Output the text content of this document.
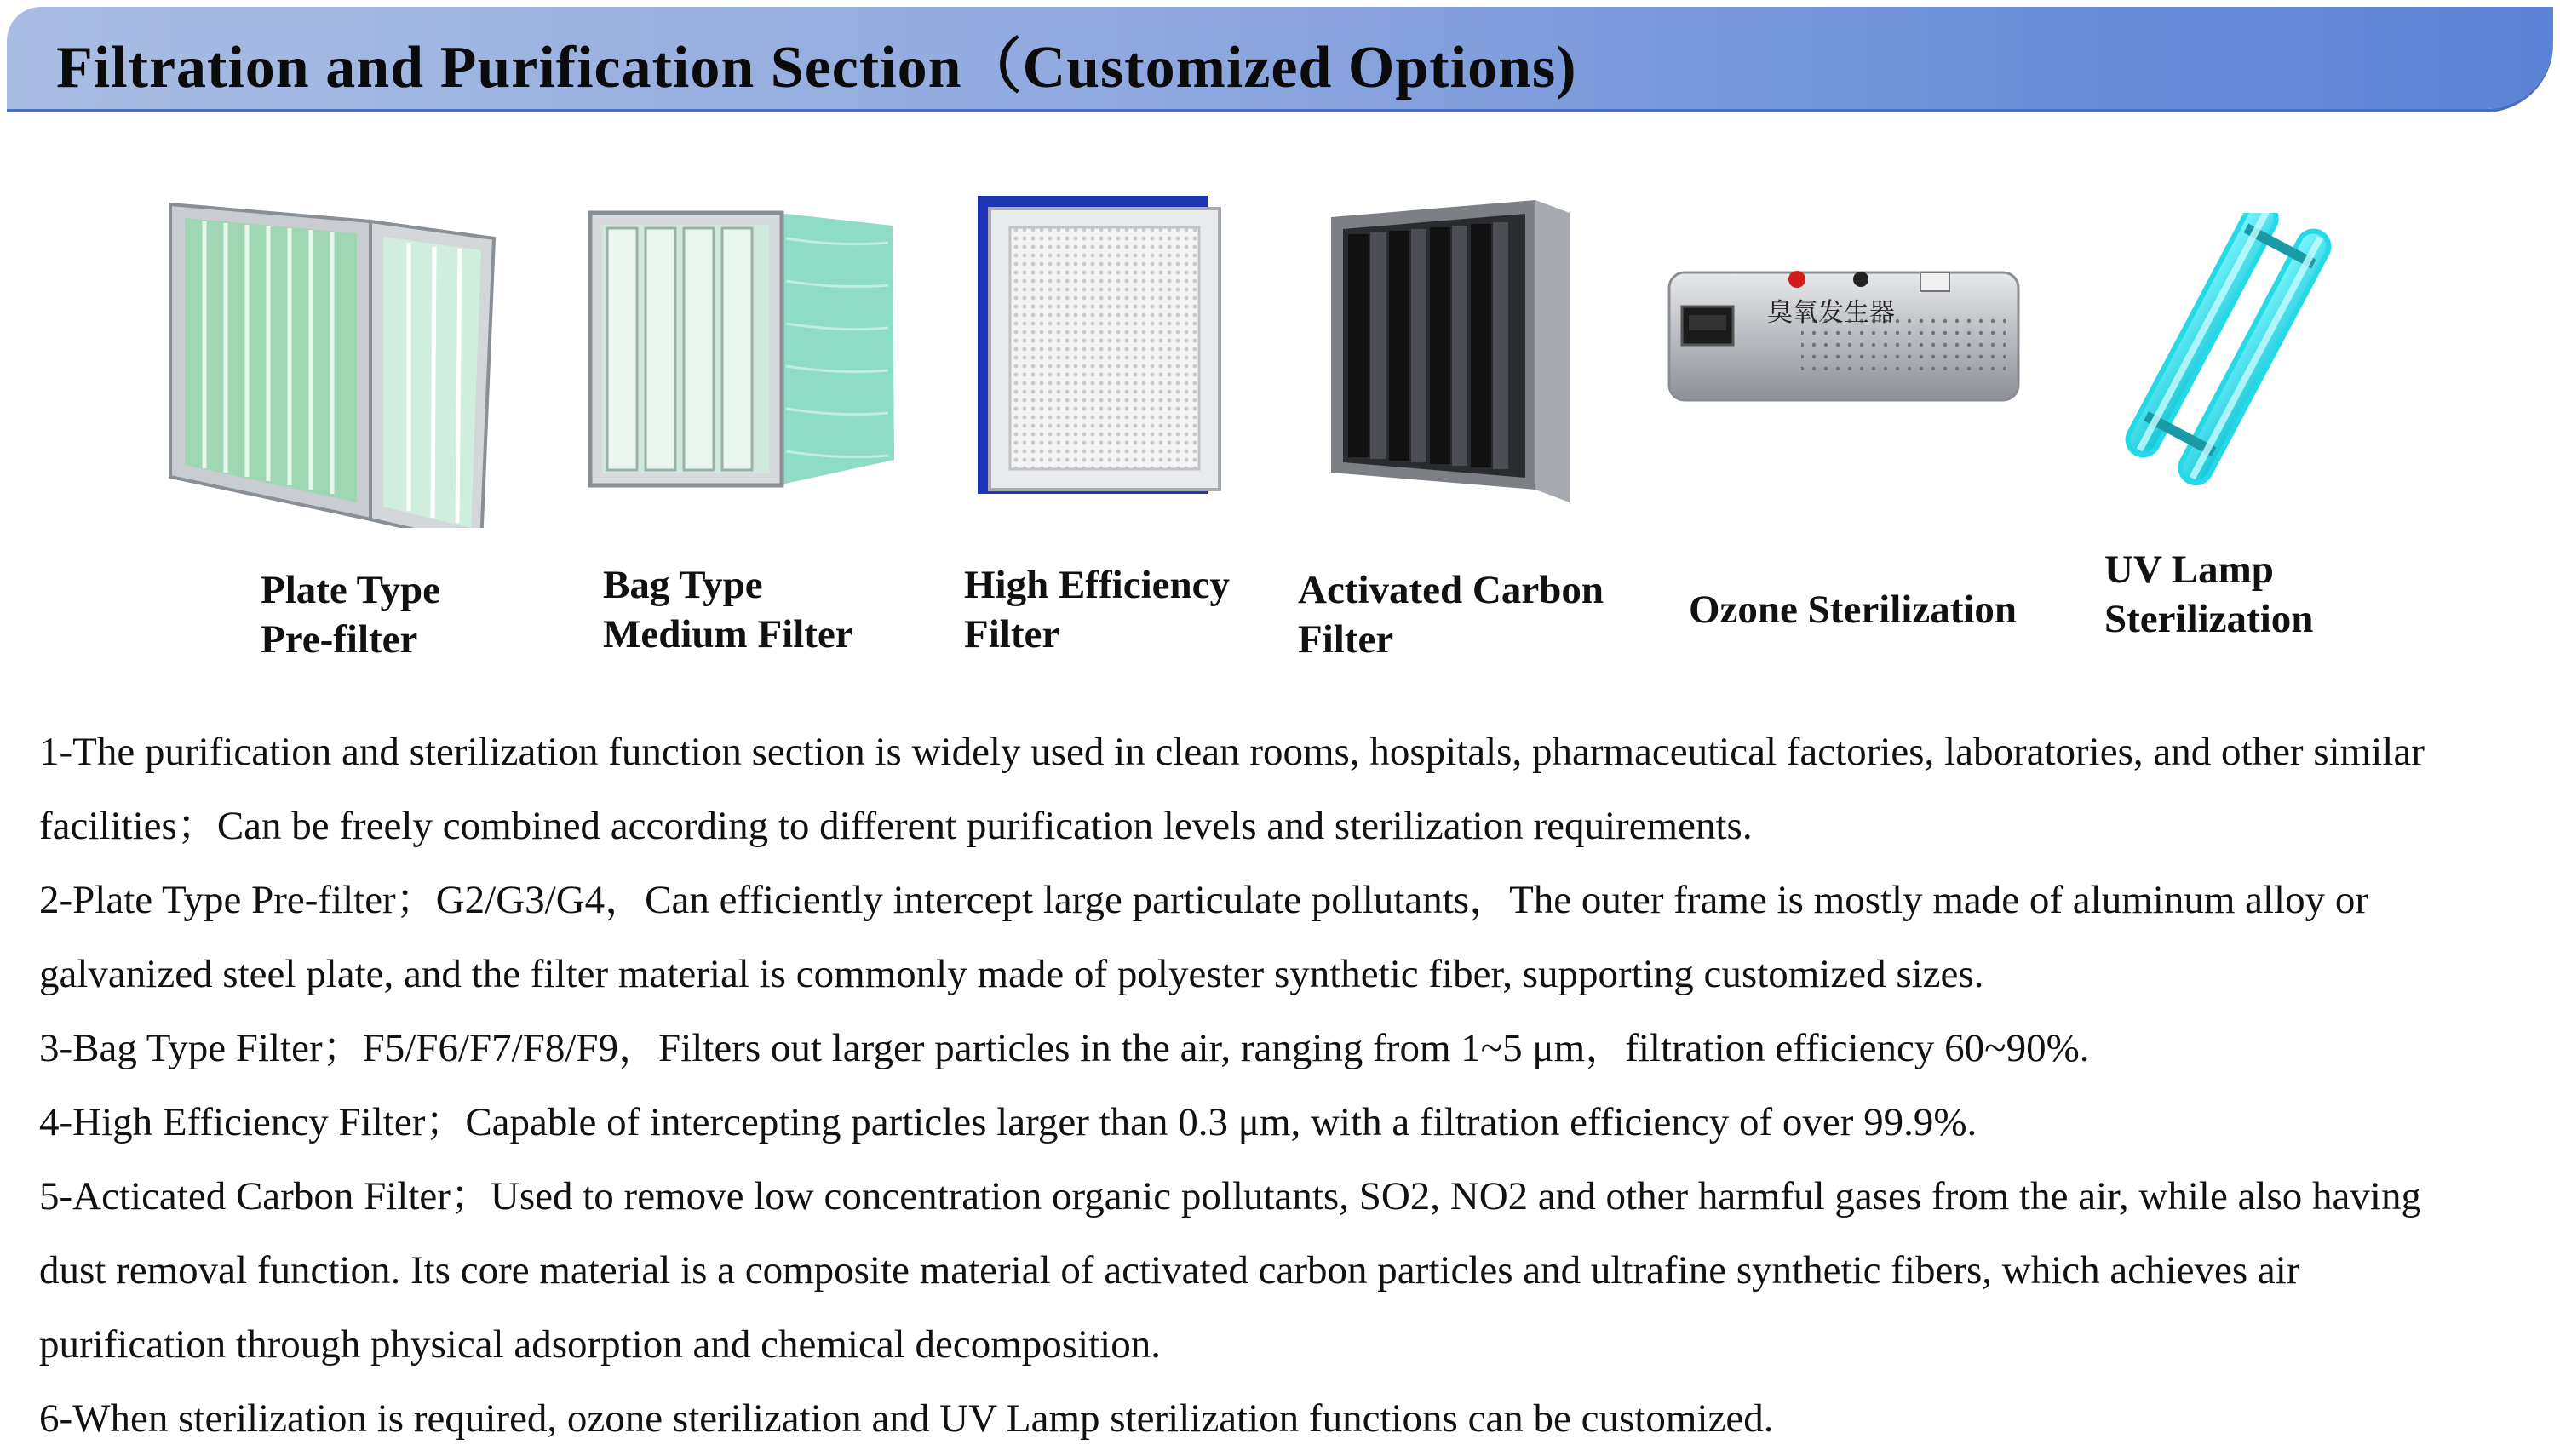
Filtration and Purification Section（Customized Options)
臭氧发生器
Plate Type
Pre-filter
Bag Type
Medium Filter
High Efficiency
Filter
Activated Carbon
Filter
Ozone Sterilization
UV Lamp
Sterilization

1-The purification and sterilization function section is widely used in clean rooms, hospitals, pharmaceutical factories, laboratories, and other similar

facilities；Can be freely combined according to different purification levels and sterilization requirements.

2-Plate Type Pre-filter；G2/G3/G4，Can efficiently intercept large particulate pollutants，The outer frame is mostly made of aluminum alloy or

galvanized steel plate, and the filter material is commonly made of polyester synthetic fiber, supporting customized sizes.

3-Bag Type Filter；F5/F6/F7/F8/F9，Filters out larger particles in the air, ranging from 1~5 μm，filtration efficiency 60~90%.

4-High Efficiency Filter；Capable of intercepting particles larger than 0.3 μm, with a filtration efficiency of over 99.9%.

5-Acticated Carbon Filter；Used to remove low concentration organic pollutants, SO2, NO2 and other harmful gases from the air, while also having

dust removal function. Its core material is a composite material of activated carbon particles and ultrafine synthetic fibers, which achieves air

purification through physical adsorption and chemical decomposition.

6-When sterilization is required, ozone sterilization and UV Lamp sterilization functions can be customized.
